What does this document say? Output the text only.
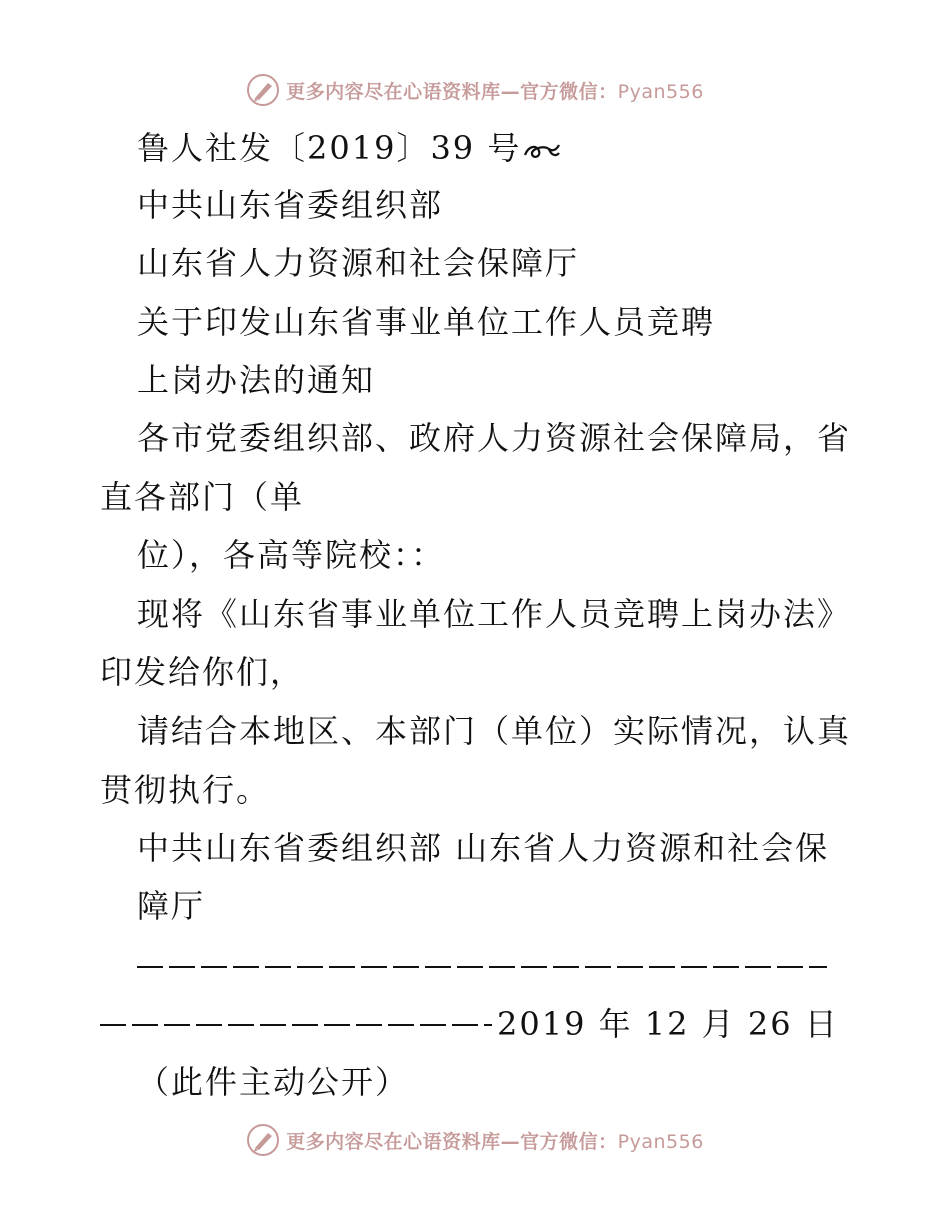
更多内容尽在心语资料库—官方微信：Pyan556
鲁人社发〔2019〕39 号
中共山东省委组织部
山东省人力资源和社会保障厅
关于印发山东省事业单位工作人员竞聘
上岗办法的通知
各市党委组织部、政府人力资源社会保障局，省
直各部门（单
位），各高等院校：：
现将《山东省事业单位工作人员竞聘上岗办法》
印发给你们，
请结合本地区、本部门（单位）实际情况，认真
贯彻执行。
中共山东省委组织部 山东省人力资源和社会保
障厅
2019 年 12 月 26 日
（此件主动公开）
更多内容尽在心语资料库—官方微信：Pyan556
